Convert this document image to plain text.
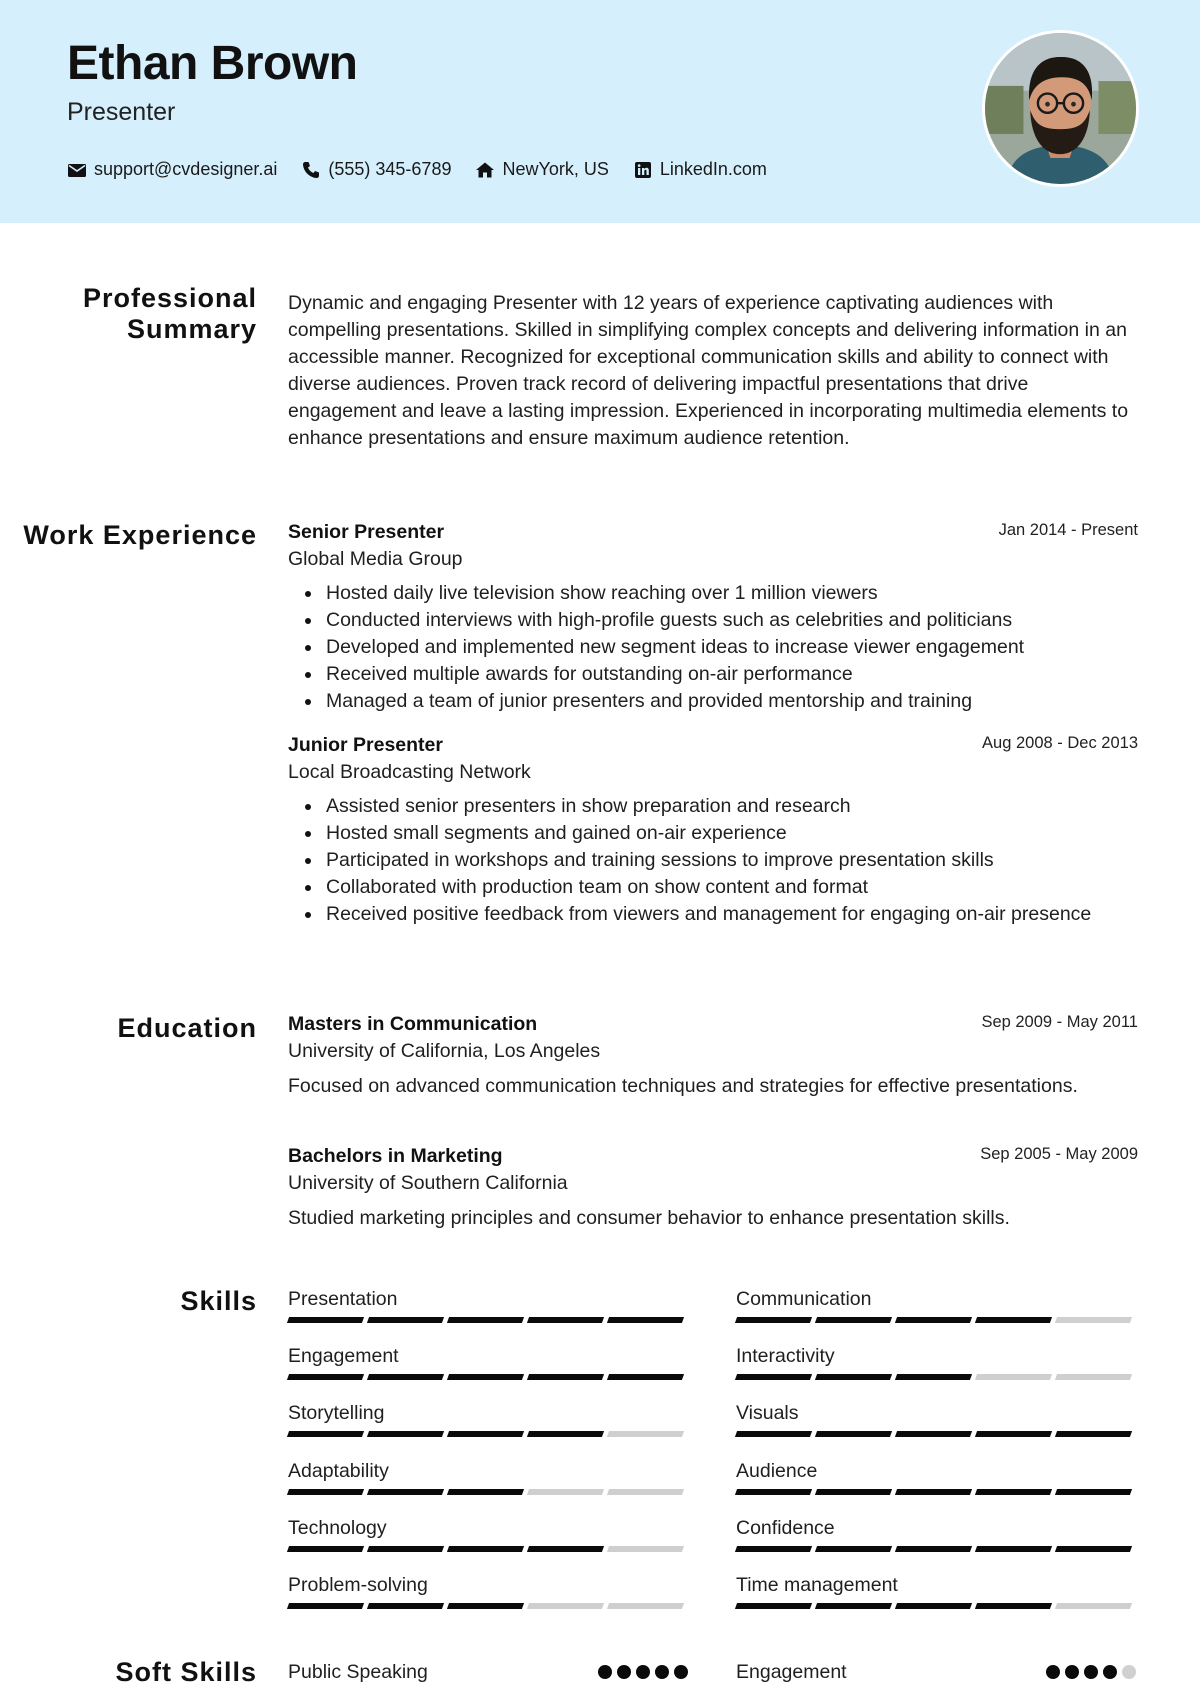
Ethan Brown
Presenter
support@cvdesigner.ai	(555) 345-6789	NewYork, US	LinkedIn.com
Professional Summary
Dynamic and engaging Presenter with 12 years of experience captivating audiences with compelling presentations. Skilled in simplifying complex concepts and delivering information in an accessible manner. Recognized for exceptional communication skills and ability to connect with diverse audiences. Proven track record of delivering impactful presentations that drive engagement and leave a lasting impression. Experienced in incorporating multimedia elements to enhance presentations and ensure maximum audience retention.
Work Experience	Jan 2014 - Present
Senior Presenter
Global Media Group
Hosted daily live television show reaching over 1 million viewers
Conducted interviews with high-profile guests such as celebrities and politicians
Developed and implemented new segment ideas to increase viewer engagement
Received multiple awards for outstanding on-air performance
Managed a team of junior presenters and provided mentorship and training
Aug 2008 - Dec 2013
Junior Presenter
Local Broadcasting Network
Assisted senior presenters in show preparation and research
Hosted small segments and gained on-air experience
Participated in workshops and training sessions to improve presentation skills
Collaborated with production team on show content and format
Received positive feedback from viewers and management for engaging on-air presence
Education	Sep 2009 - May 2011
Masters in Communication
University of California, Los Angeles
Focused on advanced communication techniques and strategies for effective presentations.
Sep 2005 - May 2009
Bachelors in Marketing
University of Southern California
Studied marketing principles and consumer behavior to enhance presentation skills.
Skills Presentation	Communication
Engagement	Interactivity
Storytelling	Visuals
Adaptability	Audience
Technology	Confidence
Problem-solving	Time management
Soft Skills Public Speaking	Engagement
